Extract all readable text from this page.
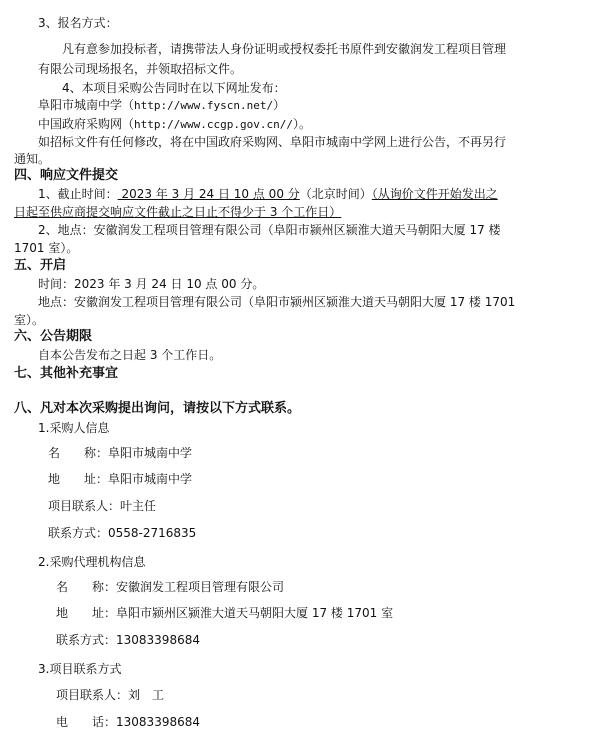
3、报名方式：
凡有意参加投标者，请携带法人身份证明或授权委托书原件到安徽润发工程项目管理
有限公司现场报名，并领取招标文件。
4、本项目采购公告同时在以下网址发布：
阜阳市城南中学（http://www.fyscn.net/）
中国政府采购网（http://www.ccgp.gov.cn//）。
如招标文件有任何修改，将在中国政府采购网、阜阳市城南中学网上进行公告，不再另行
通知。
四、响应文件提交
1、截止时间： 2023 年 3 月 24 日 10 点 00 分（北京时间）（从询价文件开始发出之
日起至供应商提交响应文件截止之日止不得少于 3 个工作日）
2、地点：安徽润发工程项目管理有限公司（阜阳市颍州区颍淮大道天马朝阳大厦 17 楼
1701 室）。
五、开启
时间：2023 年 3 月 24 日 10 点 00 分。
地点：安徽润发工程项目管理有限公司（阜阳市颍州区颍淮大道天马朝阳大厦 17 楼 1701
室）。
六、公告期限
自本公告发布之日起 3 个工作日。
七、其他补充事宜
八、凡对本次采购提出询问，请按以下方式联系。
1.采购人信息
名　　称：阜阳市城南中学
地　　址：阜阳市城南中学
项目联系人：叶主任
联系方式：0558-2716835
2.采购代理机构信息
名　　称：安徽润发工程项目管理有限公司
地　　址：阜阳市颍州区颍淮大道天马朝阳大厦 17 楼 1701 室
联系方式：13083398684
3.项目联系方式
项目联系人：刘　工
电　　话：13083398684
